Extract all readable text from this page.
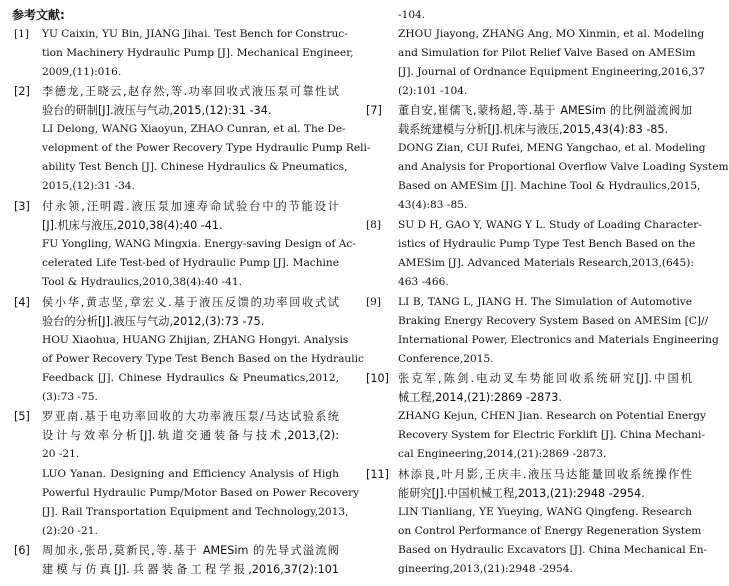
参考文献:
[1] YU Caixin, YU Bin, JIANG Jihai. Test Bench for Construc-
tion Machinery Hydraulic Pump [J]. Mechanical Engineer,
2009,(11):016.
[2] 李德龙,王晓云,赵存然,等.功率回收式液压泵可靠性试
验台的研制[J].液压与气动,2015,(12):31 -34.
LI Delong, WANG Xiaoyun, ZHAO Cunran, et al. The De-
velopment of the Power Recovery Type Hydraulic Pump Reli-
ability Test Bench [J]. Chinese Hydraulics & Pneumatics,
2015,(12):31 -34.
[3] 付永领,汪明霞.液压泵加速寿命试验台中的节能设计
[J].机床与液压,2010,38(4):40 -41.
FU Yongling, WANG Mingxia. Energy-saving Design of Ac-
celerated Life Test-bed of Hydraulic Pump [J]. Machine
Tool & Hydraulics,2010,38(4):40 -41.
[4] 侯小华,黄志坚,章宏义.基于液压反馈的功率回收式试
验台的分析[J].液压与气动,2012,(3):73 -75.
HOU Xiaohua, HUANG Zhijian, ZHANG Hongyi. Analysis
of Power Recovery Type Test Bench Based on the Hydraulic
Feedback [J]. Chinese Hydraulics & Pneumatics,2012,
(3):73 -75.
[5] 罗亚南.基于电功率回收的大功率液压泵/马达试验系统
设计与效率分析[J].轨道交通装备与技术,2013,(2):
20 -21.
LUO Yanan. Designing and Efficiency Analysis of High
Powerful Hydraulic Pump/Motor Based on Power Recovery
[J]. Rail Transportation Equipment and Technology,2013,
(2):20 -21.
[6] 周加永,张昂,莫新民,等.基于 AMESim 的先导式溢流阀
建模与仿真[J].兵器装备工程学报,2016,37(2):101
-104.
ZHOU Jiayong, ZHANG Ang, MO Xinmin, et al. Modeling
and Simulation for Pilot Relief Valve Based on AMESim
[J]. Journal of Ordnance Equipment Engineering,2016,37
(2):101 -104.
[7] 董自安,崔儒飞,蒙杨超,等.基于 AMESim 的比例溢流阀加
载系统建模与分析[J].机床与液压,2015,43(4):83 -85.
DONG Zian, CUI Rufei, MENG Yangchao, et al. Modeling
and Analysis for Proportional Overflow Valve Loading System
Based on AMESim [J]. Machine Tool & Hydraulics,2015,
43(4):83 -85.
[8] SU D H, GAO Y, WANG Y L. Study of Loading Character-
istics of Hydraulic Pump Type Test Bench Based on the
AMESim [J]. Advanced Materials Research,2013,(645):
463 -466.
[9] LI B, TANG L, JIANG H. The Simulation of Automotive
Braking Energy Recovery System Based on AMESim [C]//
International Power, Electronics and Materials Engineering
Conference,2015.
[10] 张克军,陈剑.电动叉车势能回收系统研究[J].中国机
械工程,2014,(21):2869 -2873.
ZHANG Kejun, CHEN Jian. Research on Potential Energy
Recovery System for Electric Forklift [J]. China Mechani-
cal Engineering,2014,(21):2869 -2873.
[11] 林添良,叶月影,王庆丰.液压马达能量回收系统操作性
能研究[J].中国机械工程,2013,(21):2948 -2954.
LIN Tianliang, YE Yueying, WANG Qingfeng. Research
on Control Performance of Energy Regeneration System
Based on Hydraulic Excavators [J]. China Mechanical En-
gineering,2013,(21):2948 -2954.
